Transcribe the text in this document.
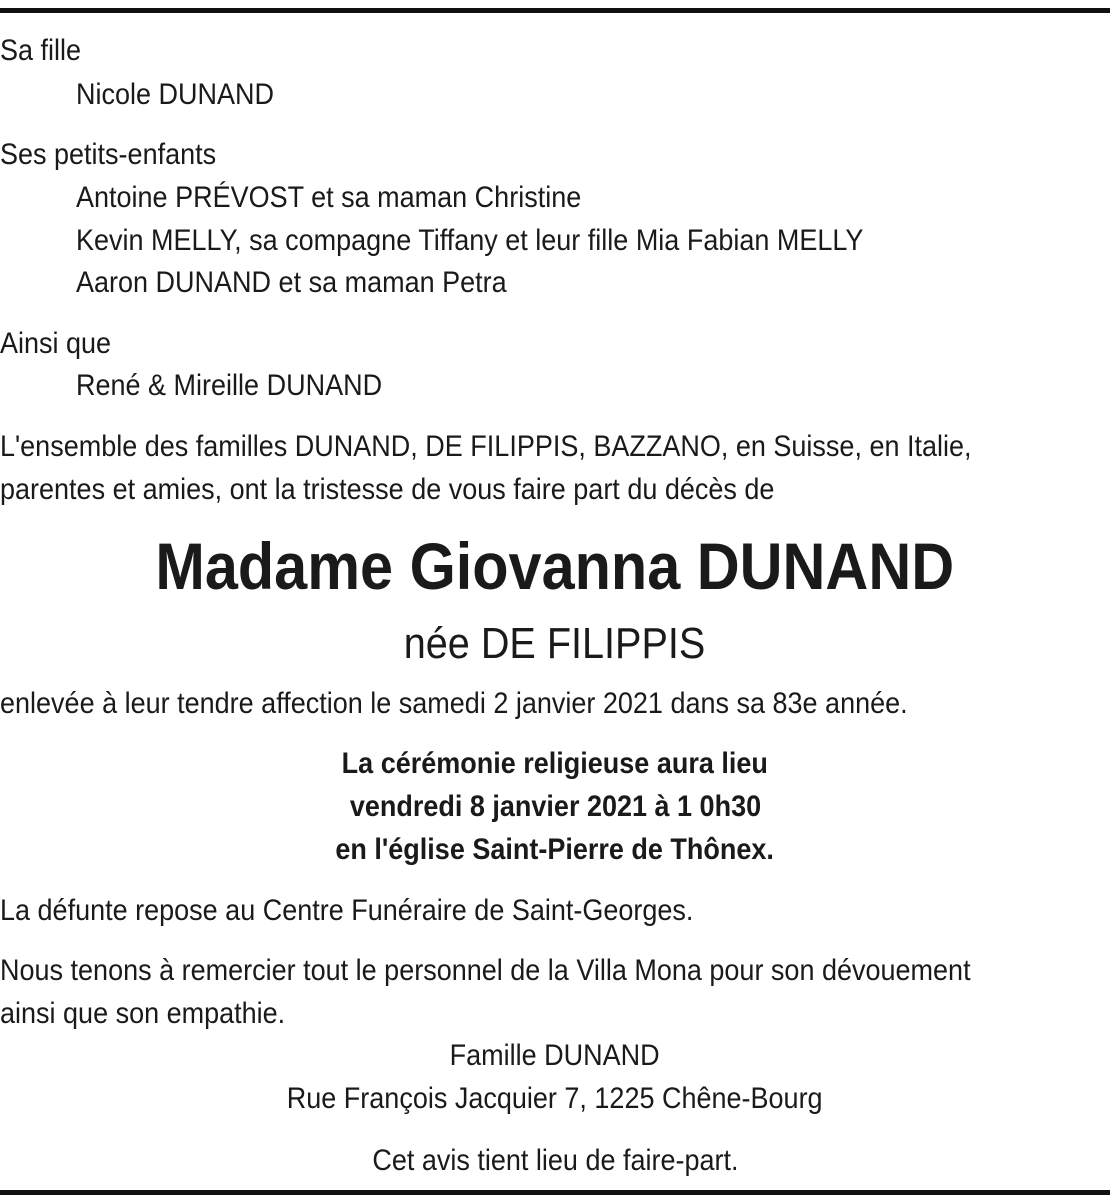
Sa fille
Nicole DUNAND
Ses petits-enfants
Antoine PRÉVOST et sa maman Christine
Kevin MELLY, sa compagne Tiffany et leur fille Mia Fabian MELLY
Aaron DUNAND et sa maman Petra
Ainsi que
René & Mireille DUNAND
L'ensemble des familles DUNAND, DE FILIPPIS, BAZZANO, en Suisse, en Italie,
parentes et amies, ont la tristesse de vous faire part du décès de
Madame Giovanna DUNAND
née DE FILIPPIS
enlevée à leur tendre affection le samedi 2 janvier 2021 dans sa 83e année.
La cérémonie religieuse aura lieu
vendredi 8 janvier 2021 à 1 0h30
en l'église Saint-Pierre de Thônex.
La défunte repose au Centre Funéraire de Saint-Georges.
Nous tenons à remercier tout le personnel de la Villa Mona pour son dévouement
ainsi que son empathie.
Famille DUNAND
Rue François Jacquier 7, 1225 Chêne-Bourg
Cet avis tient lieu de faire-part.
